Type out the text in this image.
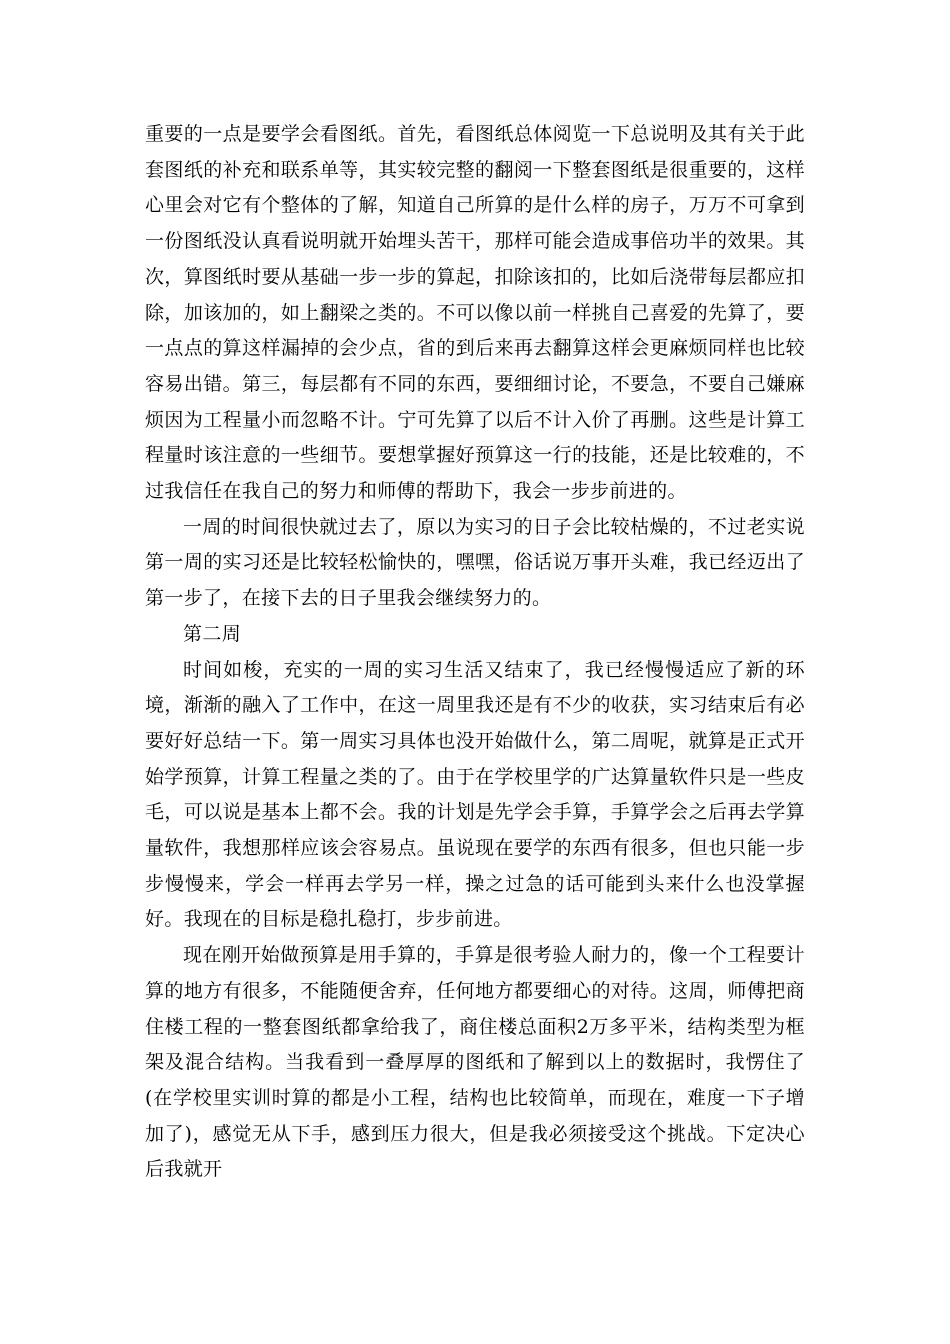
重要的一点是要学会看图纸。首先，看图纸总体阅览一下总说明及其有关于此套图纸的补充和联系单等，其实较完整的翻阅一下整套图纸是很重要的，这样心里会对它有个整体的了解，知道自己所算的是什么样的房子，万万不可拿到一份图纸没认真看说明就开始埋头苦干，那样可能会造成事倍功半的效果。其次，算图纸时要从基础一步一步的算起，扣除该扣的，比如后浇带每层都应扣除，加该加的，如上翻梁之类的。不可以像以前一样挑自己喜爱的先算了，要一点点的算这样漏掉的会少点，省的到后来再去翻算这样会更麻烦同样也比较容易出错。第三，每层都有不同的东西，要细细讨论，不要急，不要自己嫌麻烦因为工程量小而忽略不计。宁可先算了以后不计入价了再删。这些是计算工程量时该注意的一些细节。要想掌握好预算这一行的技能，还是比较难的，不过我信任在我自己的努力和师傅的帮助下，我会一步步前进的。

一周的时间很快就过去了，原以为实习的日子会比较枯燥的，不过老实说第一周的实习还是比较轻松愉快的，嘿嘿，俗话说万事开头难，我已经迈出了第一步了，在接下去的日子里我会继续努力的。

第二周

时间如梭，充实的一周的实习生活又结束了，我已经慢慢适应了新的环境，渐渐的融入了工作中，在这一周里我还是有不少的收获，实习结束后有必要好好总结一下。第一周实习具体也没开始做什么，第二周呢，就算是正式开始学预算，计算工程量之类的了。由于在学校里学的广达算量软件只是一些皮毛，可以说是基本上都不会。我的计划是先学会手算，手算学会之后再去学算量软件，我想那样应该会容易点。虽说现在要学的东西有很多，但也只能一步步慢慢来，学会一样再去学另一样，操之过急的话可能到头来什么也没掌握好。我现在的目标是稳扎稳打，步步前进。

现在刚开始做预算是用手算的，手算是很考验人耐力的，像一个工程要计算的地方有很多，不能随便舍弃，任何地方都要细心的对待。这周，师傅把商住楼工程的一整套图纸都拿给我了，商住楼总面积2万多平米，结构类型为框架及混合结构。当我看到一叠厚厚的图纸和了解到以上的数据时，我愣住了(在学校里实训时算的都是小工程，结构也比较简单，而现在，难度一下子增加了)，感觉无从下手，感到压力很大，但是我必须接受这个挑战。下定决心后我就开
